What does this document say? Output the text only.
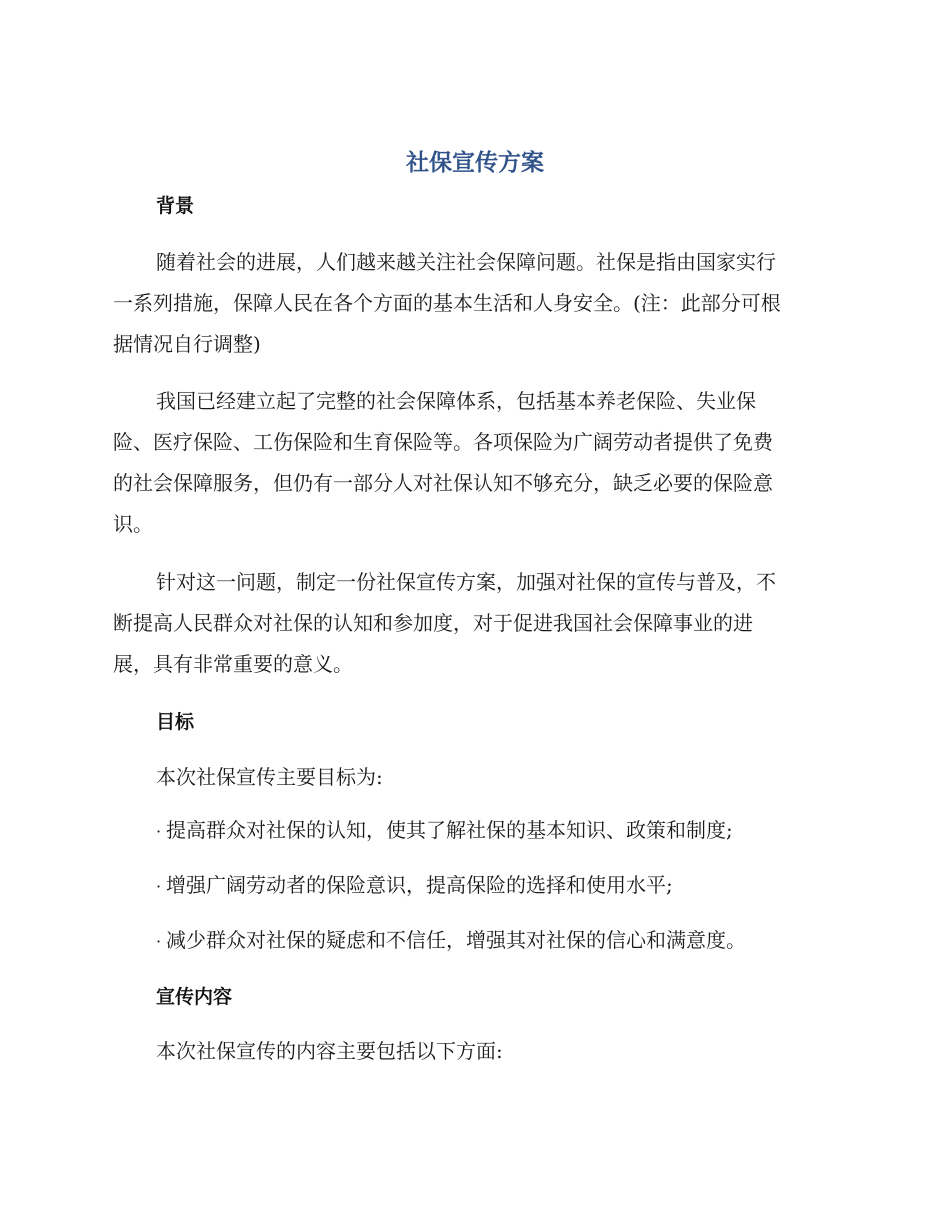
社保宣传方案
背景
随着社会的进展，人们越来越关注社会保障问题。社保是指由国家实行
一系列措施，保障人民在各个方面的基本生活和人身安全。(注：此部分可根
据情况自行调整)
我国已经建立起了完整的社会保障体系，包括基本养老保险、失业保
险、医疗保险、工伤保险和生育保险等。各项保险为广阔劳动者提供了免费
的社会保障服务，但仍有一部分人对社保认知不够充分，缺乏必要的保险意
识。
针对这一问题，制定一份社保宣传方案，加强对社保的宣传与普及，不
断提高人民群众对社保的认知和参加度，对于促进我国社会保障事业的进
展，具有非常重要的意义。
目标
本次社保宣传主要目标为:
· 提高群众对社保的认知，使其了解社保的基本知识、政策和制度;
· 增强广阔劳动者的保险意识，提高保险的选择和使用水平;
· 减少群众对社保的疑虑和不信任，增强其对社保的信心和满意度。
宣传内容
本次社保宣传的内容主要包括以下方面:
